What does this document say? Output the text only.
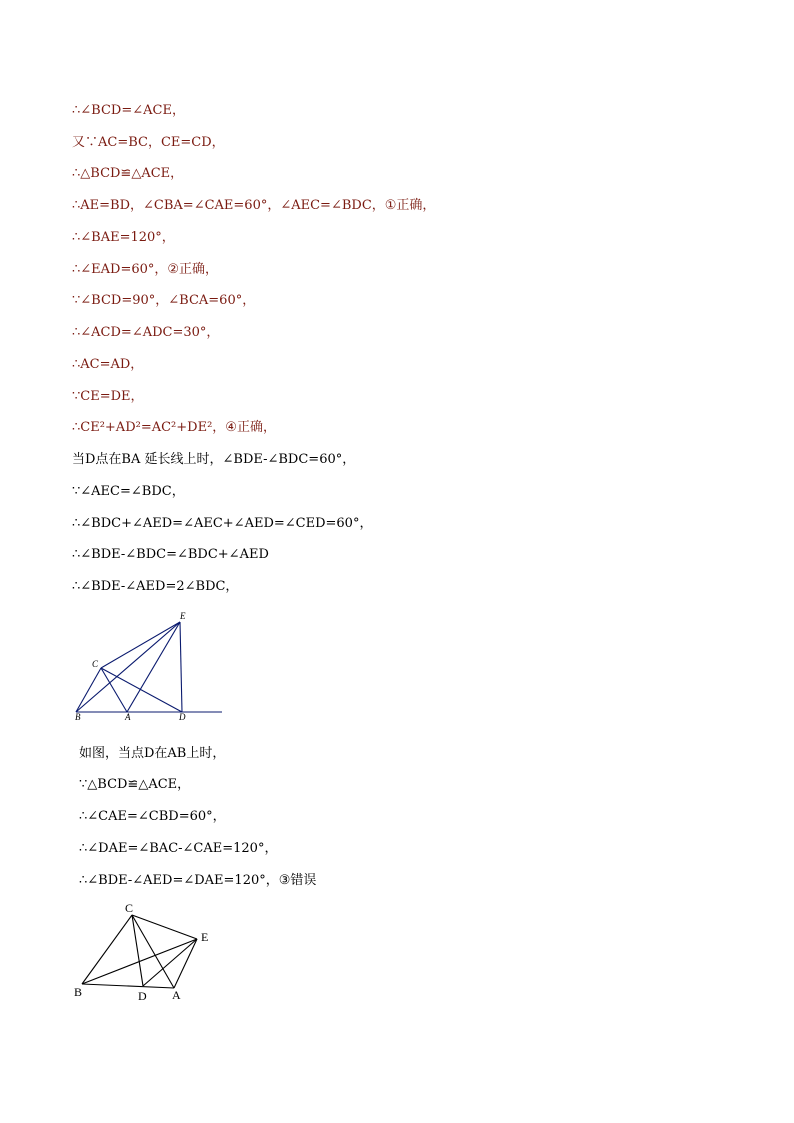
∴∠BCD=∠ACE，
又∵AC=BC，CE=CD，
∴△BCD≌△ACE，
∴AE=BD，∠CBA=∠CAE=60°，∠AEC=∠BDC，①正确，
∴∠BAE=120°，
∴∠EAD=60°，②正确，
∵∠BCD=90°，∠BCA=60°，
∴∠ACD=∠ADC=30°，
∴AC=AD，
∵CE=DE，
∴CE²+AD²=AC²+DE²，④正确，
当D点在BA 延长线上时，∠BDE-∠BDC=60°，
∵∠AEC=∠BDC，
∴∠BDC+∠AED=∠AEC+∠AED=∠CED=60°，
∴∠BDE-∠BDC=∠BDC+∠AED
∴∠BDE-∠AED=2∠BDC，
E
C
B	A	D
如图，当点D在AB上时，
∵△BCD≌△ACE，
∴∠CAE=∠CBD=60°，
∴∠DAE=∠BAC-∠CAE=120°，
∴∠BDE-∠AED=∠DAE=120°，③错误
C
E
B	D A
